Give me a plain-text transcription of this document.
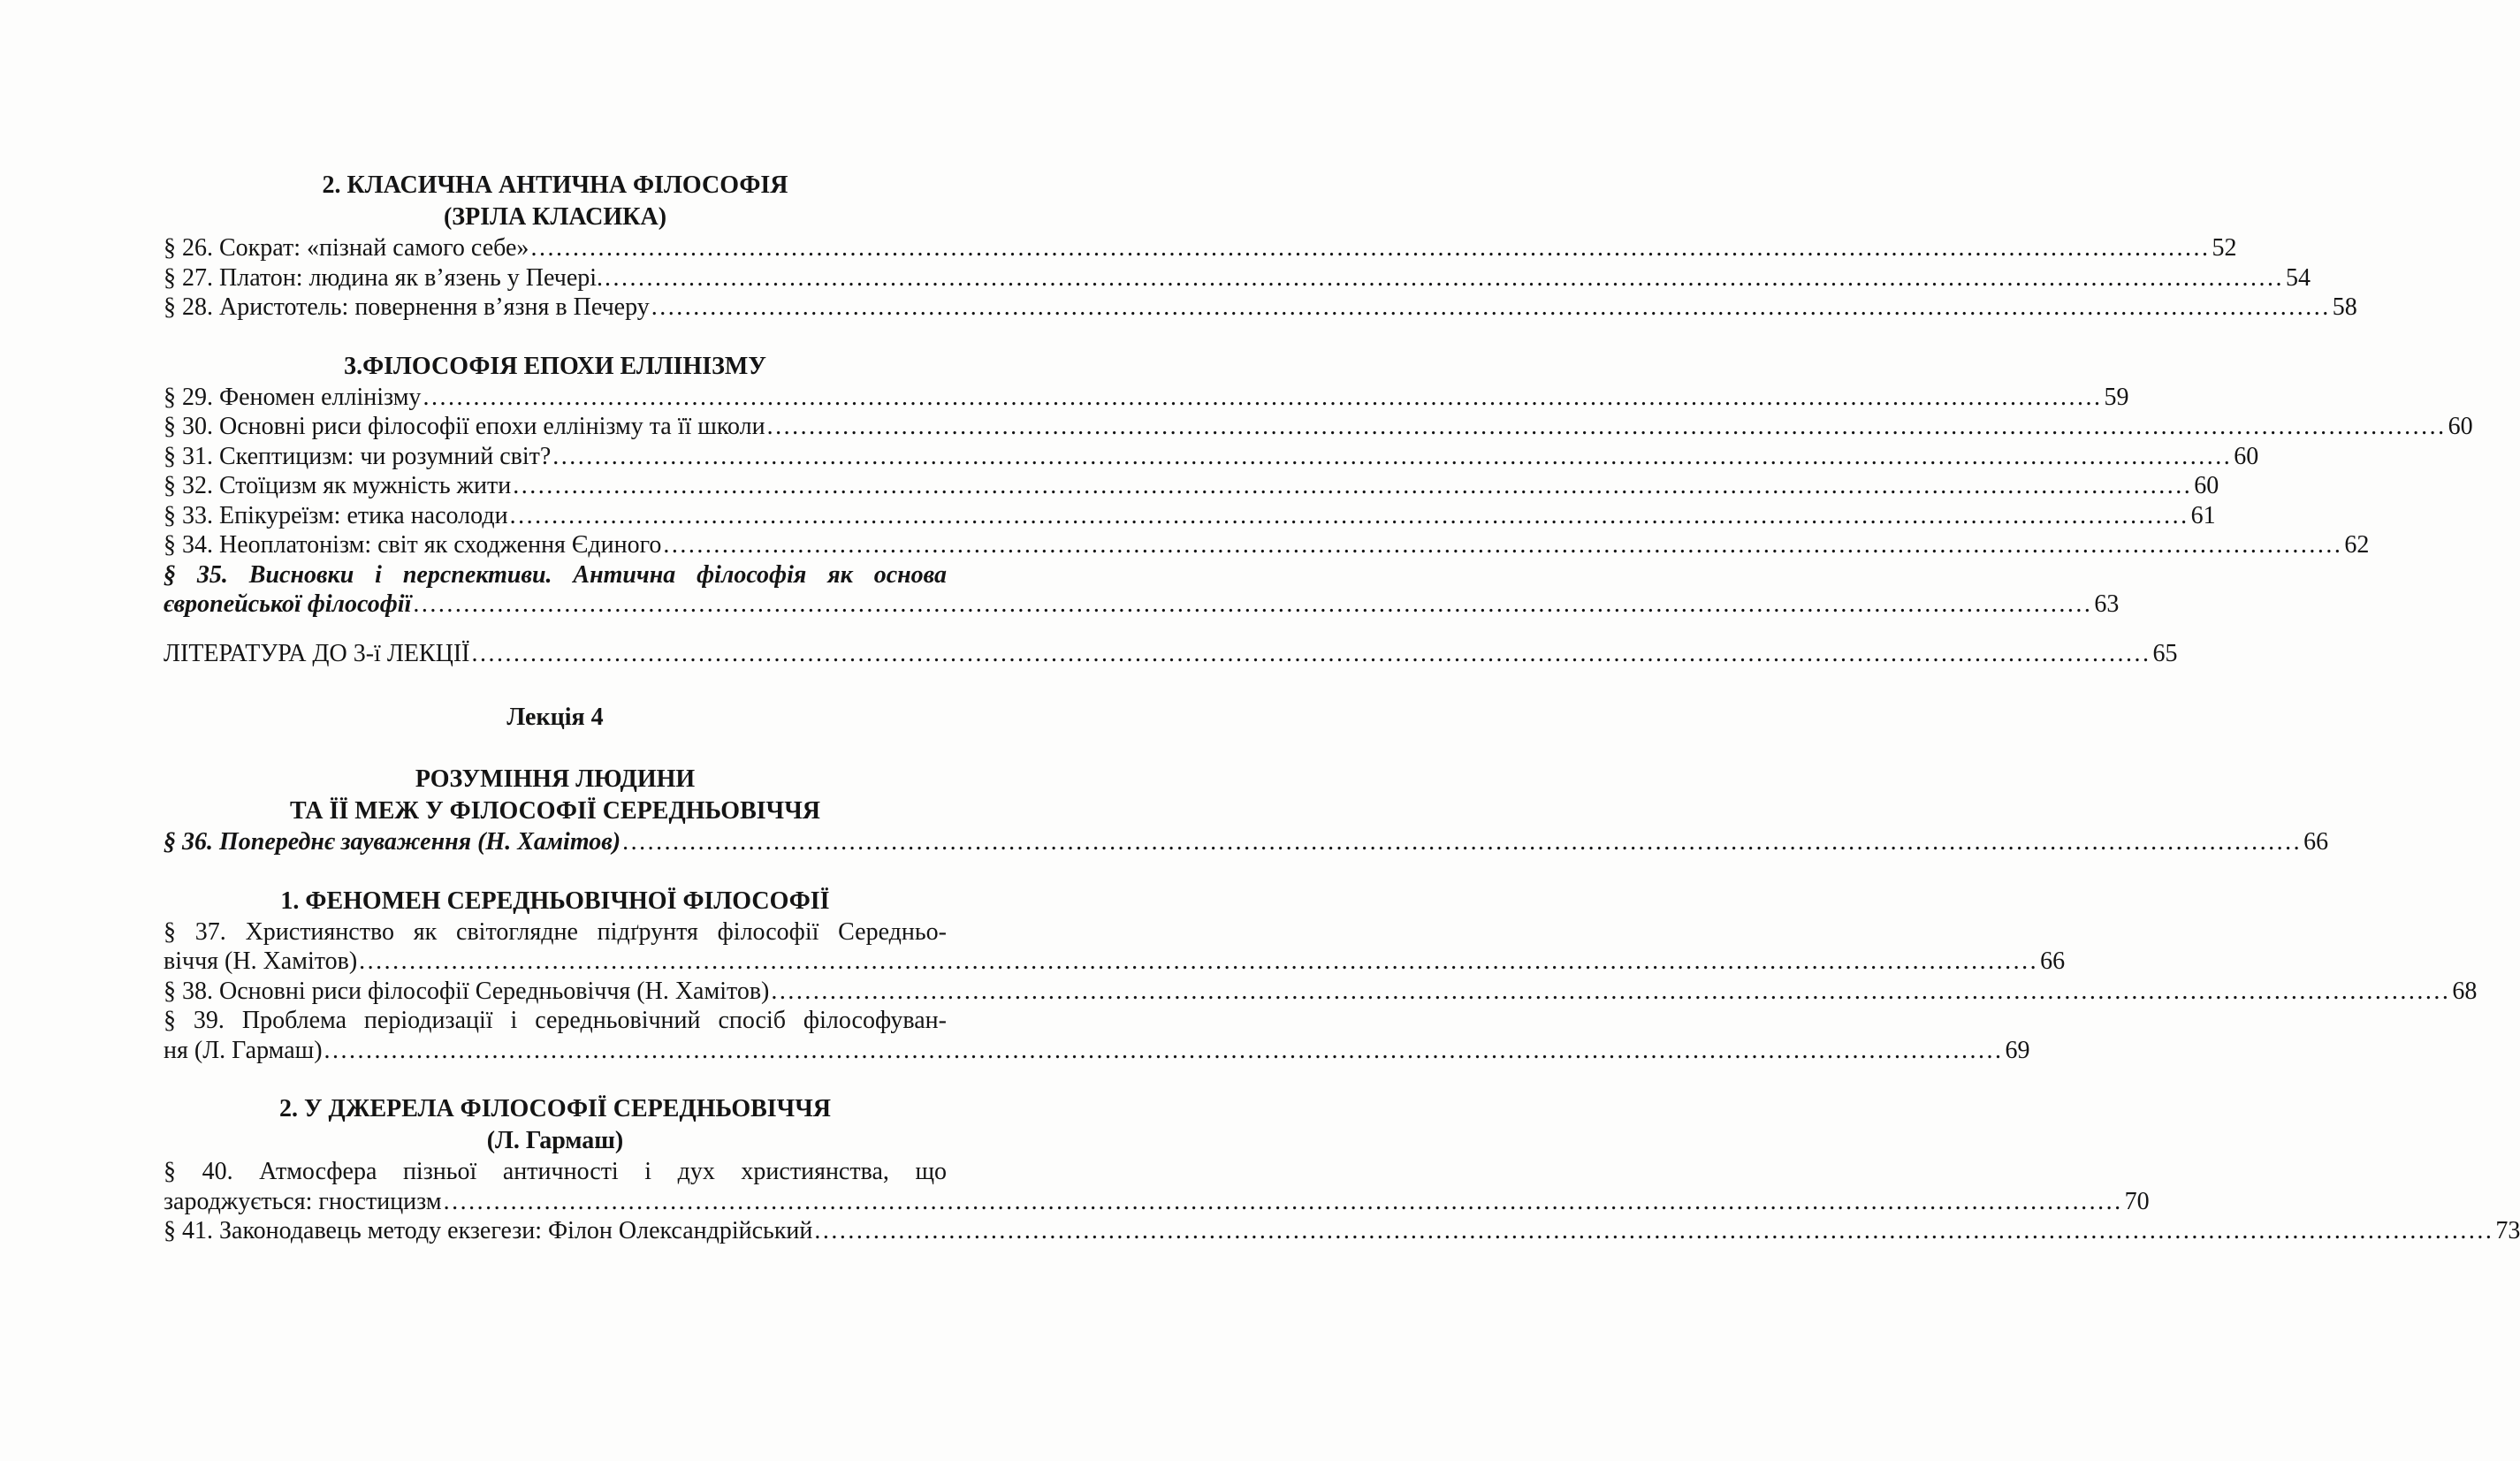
2. КЛАСИЧНА АНТИЧНА ФІЛОСОФІЯ
(ЗРІЛА КЛАСИКА)
§ 26. Сократ: «пізнай самого себе» ........................................................................................................................................................................................................ 52
§ 27. Платон: людина як в’язень у Печері. ........................................................................................................................................................................................................ 54
§ 28. Аристотель: повернення в’язня в Печеру ........................................................................................................................................................................................................ 58
3.ФІЛОСОФІЯ ЕПОХИ ЕЛЛІНІЗМУ
§ 29. Феномен еллінізму ........................................................................................................................................................................................................ 59
§ 30. Основні риси філософії епохи еллінізму та її школи ........................................................................................................................................................................................................ 60
§ 31. Скептицизм: чи розумний світ? ........................................................................................................................................................................................................ 60
§ 32. Стоїцизм як мужність жити ........................................................................................................................................................................................................ 60
§ 33. Епікуреїзм: етика насолоди ........................................................................................................................................................................................................ 61
§ 34. Неоплатонізм: світ як сходження Єдиного ........................................................................................................................................................................................................ 62
§ 35. Висновки і перспективи. Антична філософія як основа
європейської філософії ........................................................................................................................................................................................................ 63
ЛІТЕРАТУРА ДО 3-ї ЛЕКЦІЇ ........................................................................................................................................................................................................ 65
Лекція 4
РОЗУМІННЯ ЛЮДИНИ
ТА ЇЇ МЕЖ У ФІЛОСОФІЇ СЕРЕДНЬОВІЧЧЯ
§ 36. Попереднє зауваження (Н. Хамітов) ........................................................................................................................................................................................................ 66
1. ФЕНОМЕН СЕРЕДНЬОВІЧНОЇ ФІЛОСОФІЇ
§ 37. Християнство як світоглядне підґрунтя філософії Середньо-
віччя (Н. Хамітов) ........................................................................................................................................................................................................ 66
§ 38. Основні риси філософії Середньовіччя (Н. Хамітов) ........................................................................................................................................................................................................ 68
§ 39. Проблема періодизації і середньовічний спосіб філософуван-
ня (Л. Гармаш) ........................................................................................................................................................................................................ 69
2. У ДЖЕРЕЛА ФІЛОСОФІЇ СЕРЕДНЬОВІЧЧЯ
(Л. Гармаш)
§ 40. Атмосфера пізньої античності і дух християнства, що
зароджується: гностицизм ........................................................................................................................................................................................................ 70
§ 41. Законодавець методу екзегези: Філон Олександрійський ........................................................................................................................................................................................................ 73
